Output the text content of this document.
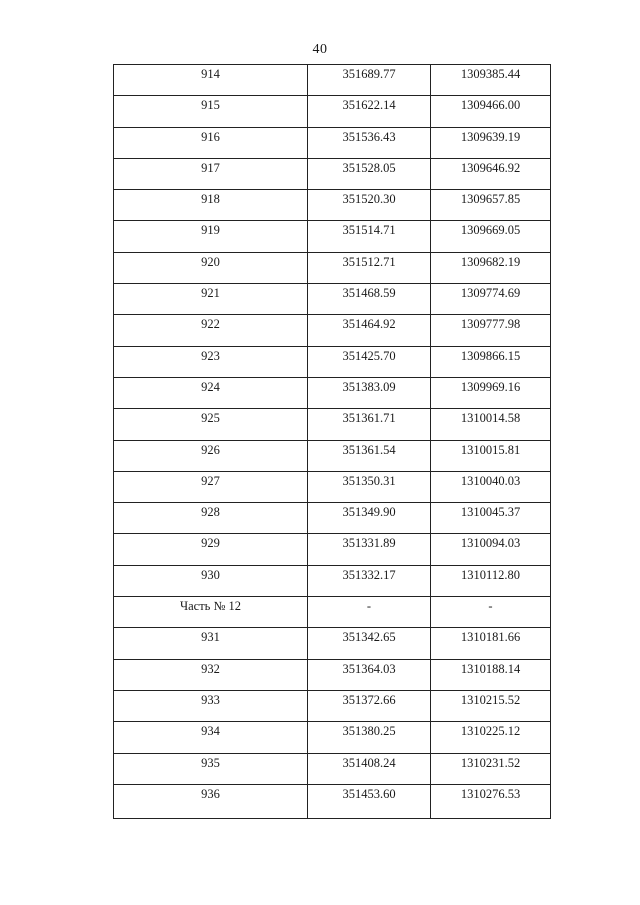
40
914	351689.77	1309385.44
915	351622.14	1309466.00
916	351536.43	1309639.19
917	351528.05	1309646.92
918	351520.30	1309657.85
919	351514.71	1309669.05
920	351512.71	1309682.19
921	351468.59	1309774.69
922	351464.92	1309777.98
923	351425.70	1309866.15
924	351383.09	1309969.16
925	351361.71	1310014.58
926	351361.54	1310015.81
927	351350.31	1310040.03
928	351349.90	1310045.37
929	351331.89	1310094.03
930	351332.17	1310112.80
Часть № 12	-	-
931	351342.65	1310181.66
932	351364.03	1310188.14
933	351372.66	1310215.52
934	351380.25	1310225.12
935	351408.24	1310231.52
936	351453.60	1310276.53
